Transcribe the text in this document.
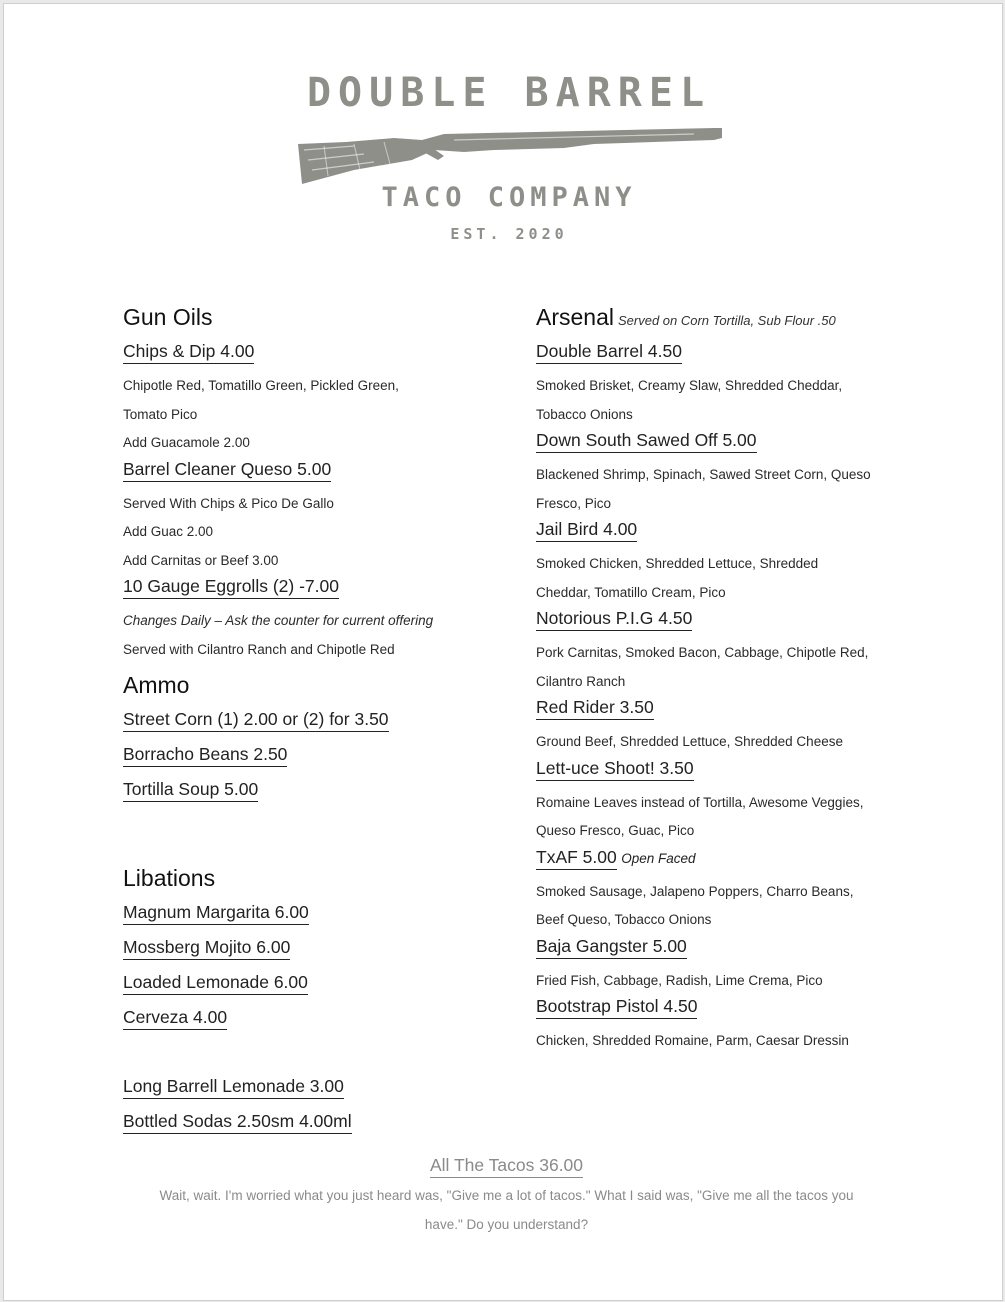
DOUBLE BARREL
TACO COMPANY
EST. 2020
Gun Oils
Chips & Dip 4.00
Chipotle Red, Tomatillo Green, Pickled Green,
Tomato Pico
Add Guacamole 2.00
Barrel Cleaner Queso 5.00
Served With Chips & Pico De Gallo
Add Guac 2.00
Add Carnitas or Beef 3.00
10 Gauge Eggrolls (2) -7.00
Changes Daily – Ask the counter for current offering
Served with Cilantro Ranch and Chipotle Red
Ammo
Street Corn (1) 2.00 or (2) for 3.50
Borracho Beans 2.50
Tortilla Soup 5.00
Libations
Magnum Margarita 6.00
Mossberg Mojito 6.00
Loaded Lemonade 6.00
Cerveza 4.00
Long Barrell Lemonade 3.00
Bottled Sodas 2.50sm 4.00ml
Arsenal Served on Corn Tortilla, Sub Flour .50
Double Barrel 4.50
Smoked Brisket, Creamy Slaw, Shredded Cheddar,
Tobacco Onions
Down South Sawed Off 5.00
Blackened Shrimp, Spinach, Sawed Street Corn, Queso
Fresco, Pico
Jail Bird 4.00
Smoked Chicken, Shredded Lettuce, Shredded
Cheddar, Tomatillo Cream, Pico
Notorious P.I.G 4.50
Pork Carnitas, Smoked Bacon, Cabbage, Chipotle Red,
Cilantro Ranch
Red Rider 3.50
Ground Beef, Shredded Lettuce, Shredded Cheese
Lett-uce Shoot! 3.50
Romaine Leaves instead of Tortilla, Awesome Veggies,
Queso Fresco, Guac, Pico
TxAF 5.00 Open Faced
Smoked Sausage, Jalapeno Poppers, Charro Beans,
Beef Queso, Tobacco Onions
Baja Gangster 5.00
Fried Fish, Cabbage, Radish, Lime Crema, Pico
Bootstrap Pistol 4.50
Chicken, Shredded Romaine, Parm, Caesar Dressin
All The Tacos 36.00
Wait, wait. I'm worried what you just heard was, "Give me a lot of tacos." What I said was, "Give me all the tacos you
have." Do you understand?
